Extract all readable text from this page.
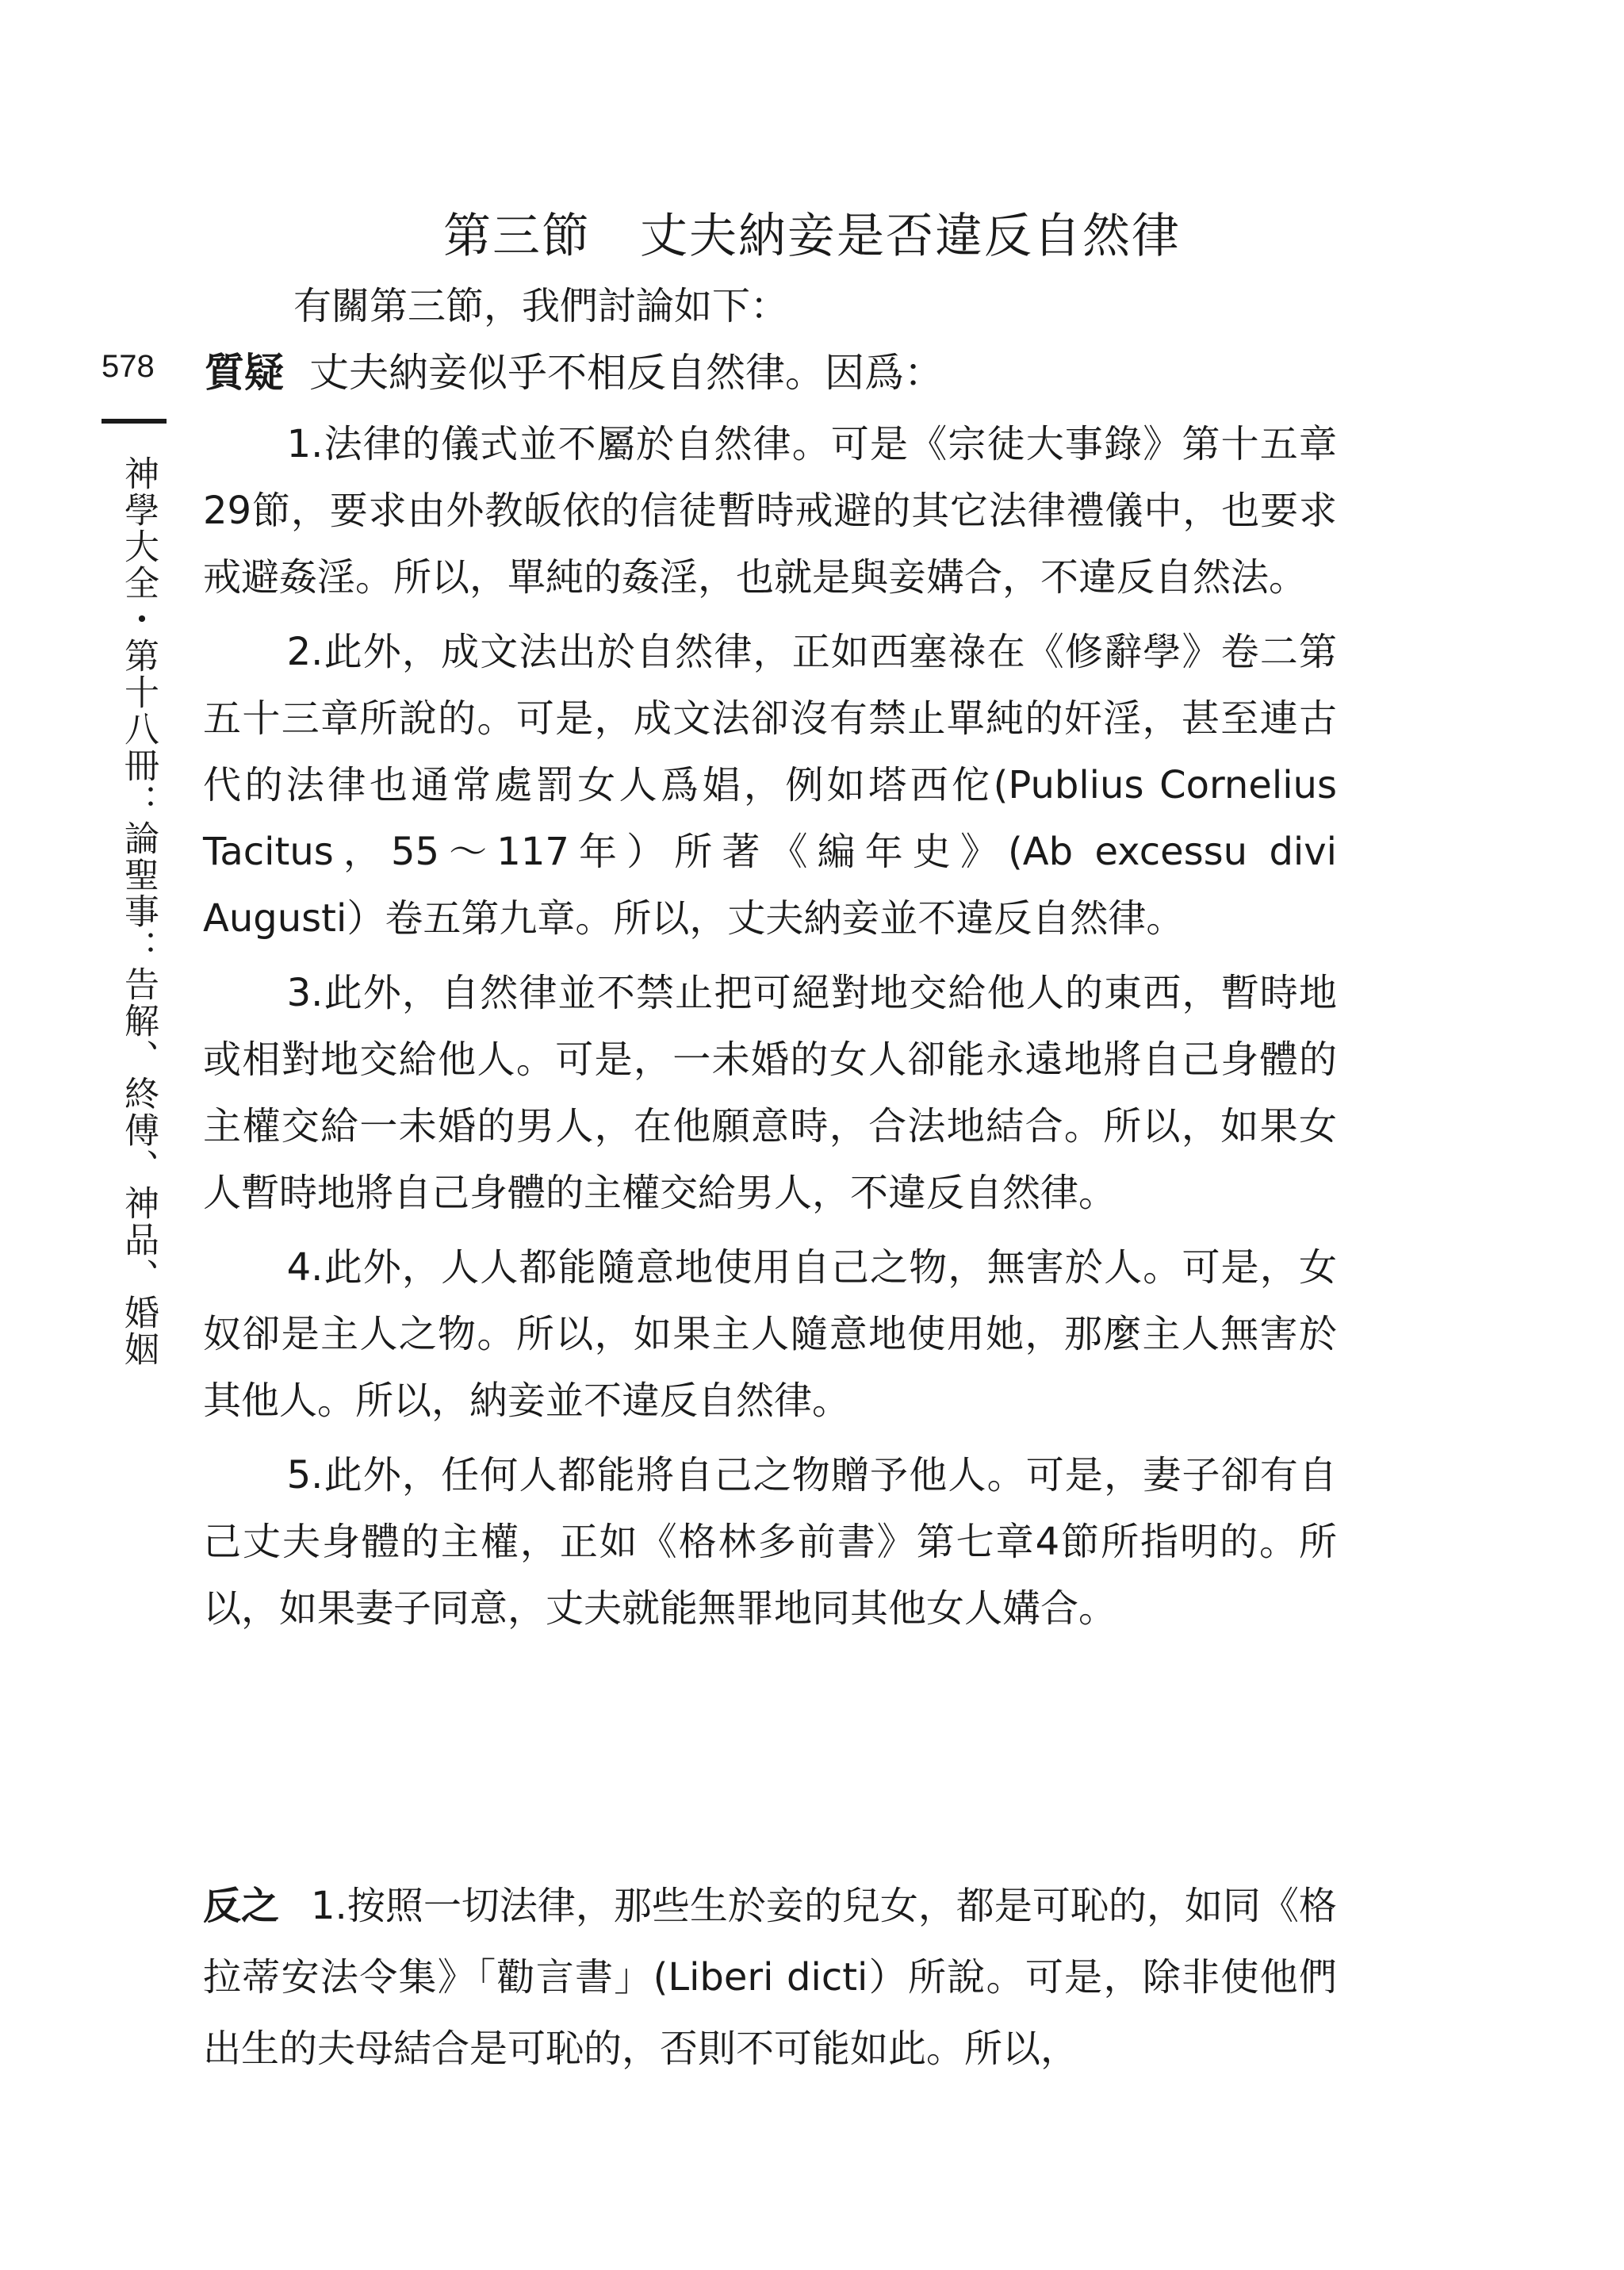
第三節　丈夫納妾是否違反自然律
有關第三節，我們討論如下：
578
神學大全・第十八冊：論聖事：告解、終傅、神品、婚姻
質疑 丈夫納妾似乎不相反自然律。因爲：

1.法律的儀式並不屬於自然律。可是《宗徒大事錄》第十五章29節，要求由外教皈依的信徒暫時戒避的其它法律禮儀中，也要求戒避姦淫。所以，單純的姦淫，也就是與妾媾合，不違反自然法。

2.此外，成文法出於自然律，正如西塞祿在《修辭學》卷二第五十三章所說的。可是，成文法卻沒有禁止單純的奸淫，甚至連古代的法律也通常處罰女人爲娼，例如塔西佗(Publius Cornelius Tacitus，55～117年）所著《編年史》(Ab excessu divi Augusti）卷五第九章。所以，丈夫納妾並不違反自然律。

3.此外，自然律並不禁止把可絕對地交給他人的東西，暫時地或相對地交給他人。可是，一未婚的女人卻能永遠地將自己身體的主權交給一未婚的男人，在他願意時，合法地結合。所以，如果女人暫時地將自己身體的主權交給男人，不違反自然律。

4.此外，人人都能隨意地使用自己之物，無害於人。可是，女奴卻是主人之物。所以，如果主人隨意地使用她，那麼主人無害於其他人。所以，納妾並不違反自然律。

5.此外，任何人都能將自己之物贈予他人。可是，妻子卻有自己丈夫身體的主權，正如《格林多前書》第七章4節所指明的。所以，如果妻子同意，丈夫就能無罪地同其他女人媾合。

反之 1.按照一切法律，那些生於妾的兒女，都是可恥的，如同《格拉蒂安法令集》「勸言書」(Liberi dicti）所說。可是，除非使他們出生的夫母結合是可恥的，否則不可能如此。所以，
